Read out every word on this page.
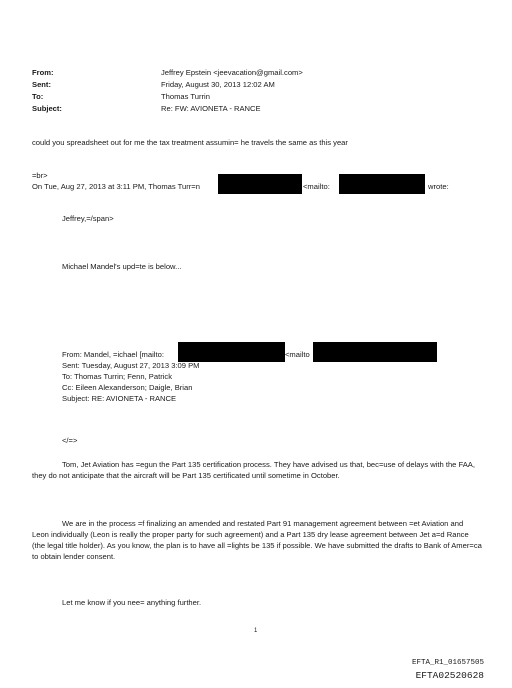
From:	Jeffrey Epstein <jeevacation@gmail.com>
Sent:	Friday, August 30, 2013 12:02 AM
To:	Thomas Turrin
Subject:	Re: FW: AVIONETA - RANCE
could you spreadsheet out for me the tax treatment assumin= he travels the same as this year
=br>
On Tue, Aug 27, 2013 at 3:11 PM, Thomas Turr=n	<mailto:	wrote:
Jeffrey,=/span>
Michael Mandel's upd=te is below...
From: Mandel, =ichael [mailto:	<mailto
Sent: Tuesday, August 27, 2013 3:09 PM
To: Thomas Turrin; Fenn, Patrick
Cc: Eileen Alexanderson; Daigle, Brian
Subject: RE: AVIONETA - RANCE
</=>
Tom, Jet Aviation has =egun the Part 135 certification process. They have advised us that, bec=use of delays with the FAA, they do not anticipate that the aircraft will be Part 135 certificated until sometime in October.
We are in the process =f finalizing an amended and restated Part 91 management agreement between =et Aviation and Leon individually (Leon is really the proper party for such agreement) and a Part 135 dry lease agreement between Jet a=d Rance (the legal title holder). As you know, the plan is to have all =lights be 135 if possible. We have submitted the drafts to Bank of Amer=ca to obtain lender consent.
Let me know if you nee= anything further.
1
EFTA_R1_01657505
EFTA02520628
